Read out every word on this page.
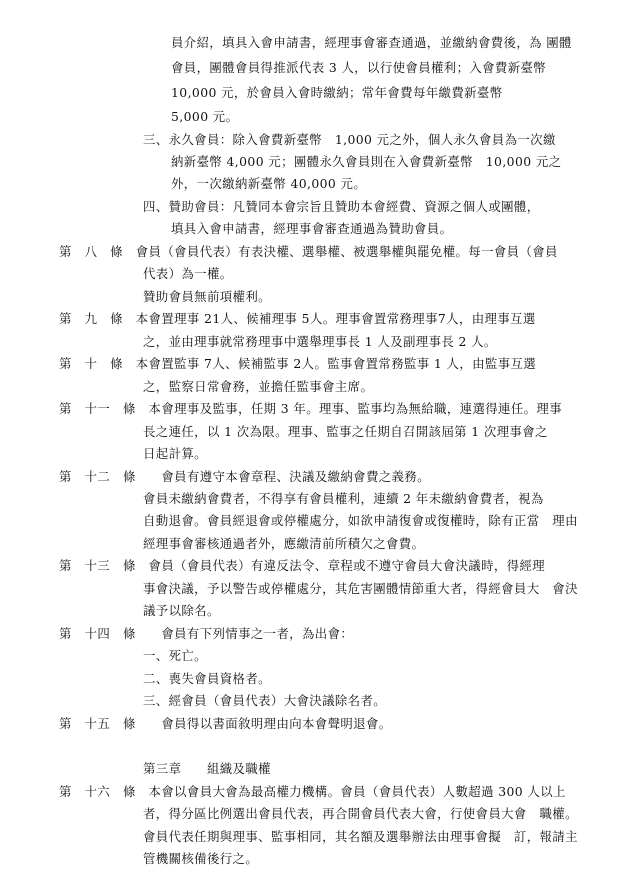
員介紹，填具入會申請書，經理事會審查通過，並繳納會費後，為 團體
會員，團體會員得推派代表 3 人，以行使會員權利；入會費新臺幣
10,000 元，於會員入會時繳納；常年會費每年繳費新臺幣
5,000 元。
三、永久會員：除入會費新臺幣　1,000 元之外，個人永久會員為一次繳
納新臺幣 4,000 元；團體永久會員則在入會費新臺幣　10,000 元之
外，一次繳納新臺幣 40,000 元。
四、贊助會員：凡贊同本會宗旨且贊助本會經費、資源之個人或團體，
填具入會申請書，經理事會審查通過為贊助會員。
第　八　條　會員（會員代表）有表決權、選舉權、被選舉權與罷免權。每一會員（會員
代表）為一權。
贊助會員無前項權利。
第　九　條　本會置理事 21人、候補理事 5人。理事會置常務理事7人，由理事互選
之，並由理事就常務理事中選舉理事長 1 人及副理事長 2 人。
第　十　條　本會置監事 7人、候補監事 2人。監事會置常務監事 1 人，由監事互選
之，監察日常會務，並擔任監事會主席。
第　十一　條　本會理事及監事，任期 3 年。理事、監事均為無給職，連選得連任。理事
長之連任，以 1 次為限。理事、監事之任期自召開該屆第 1 次理事會之
日起計算。
第　十二　條　　會員有遵守本會章程、決議及繳納會費之義務。
會員未繳納會費者，不得享有會員權利，連續 2 年未繳納會費者，視為
自動退會。會員經退會或停權處分，如欲申請復會或復權時，除有正當　理由
經理事會審核通過者外，應繳清前所積欠之會費。
第　十三　條　會員（會員代表）有違反法令、章程或不遵守會員大會決議時，得經理
事會決議，予以警告或停權處分，其危害團體情節重大者，得經會員大　會決
議予以除名。
第　十四　條　　會員有下列情事之一者，為出會：
一、死亡。
二、喪失會員資格者。
三、經會員（會員代表）大會決議除名者。
第　十五　條　　會員得以書面敘明理由向本會聲明退會。
第三章　　組織及職權
第　十六　條　本會以會員大會為最高權力機構。會員（會員代表）人數超過 300 人以上
者，得分區比例選出會員代表，再合開會員代表大會，行使會員大會　職權。
會員代表任期與理事、監事相同，其名額及選舉辦法由理事會擬　訂，報請主
管機關核備後行之。
